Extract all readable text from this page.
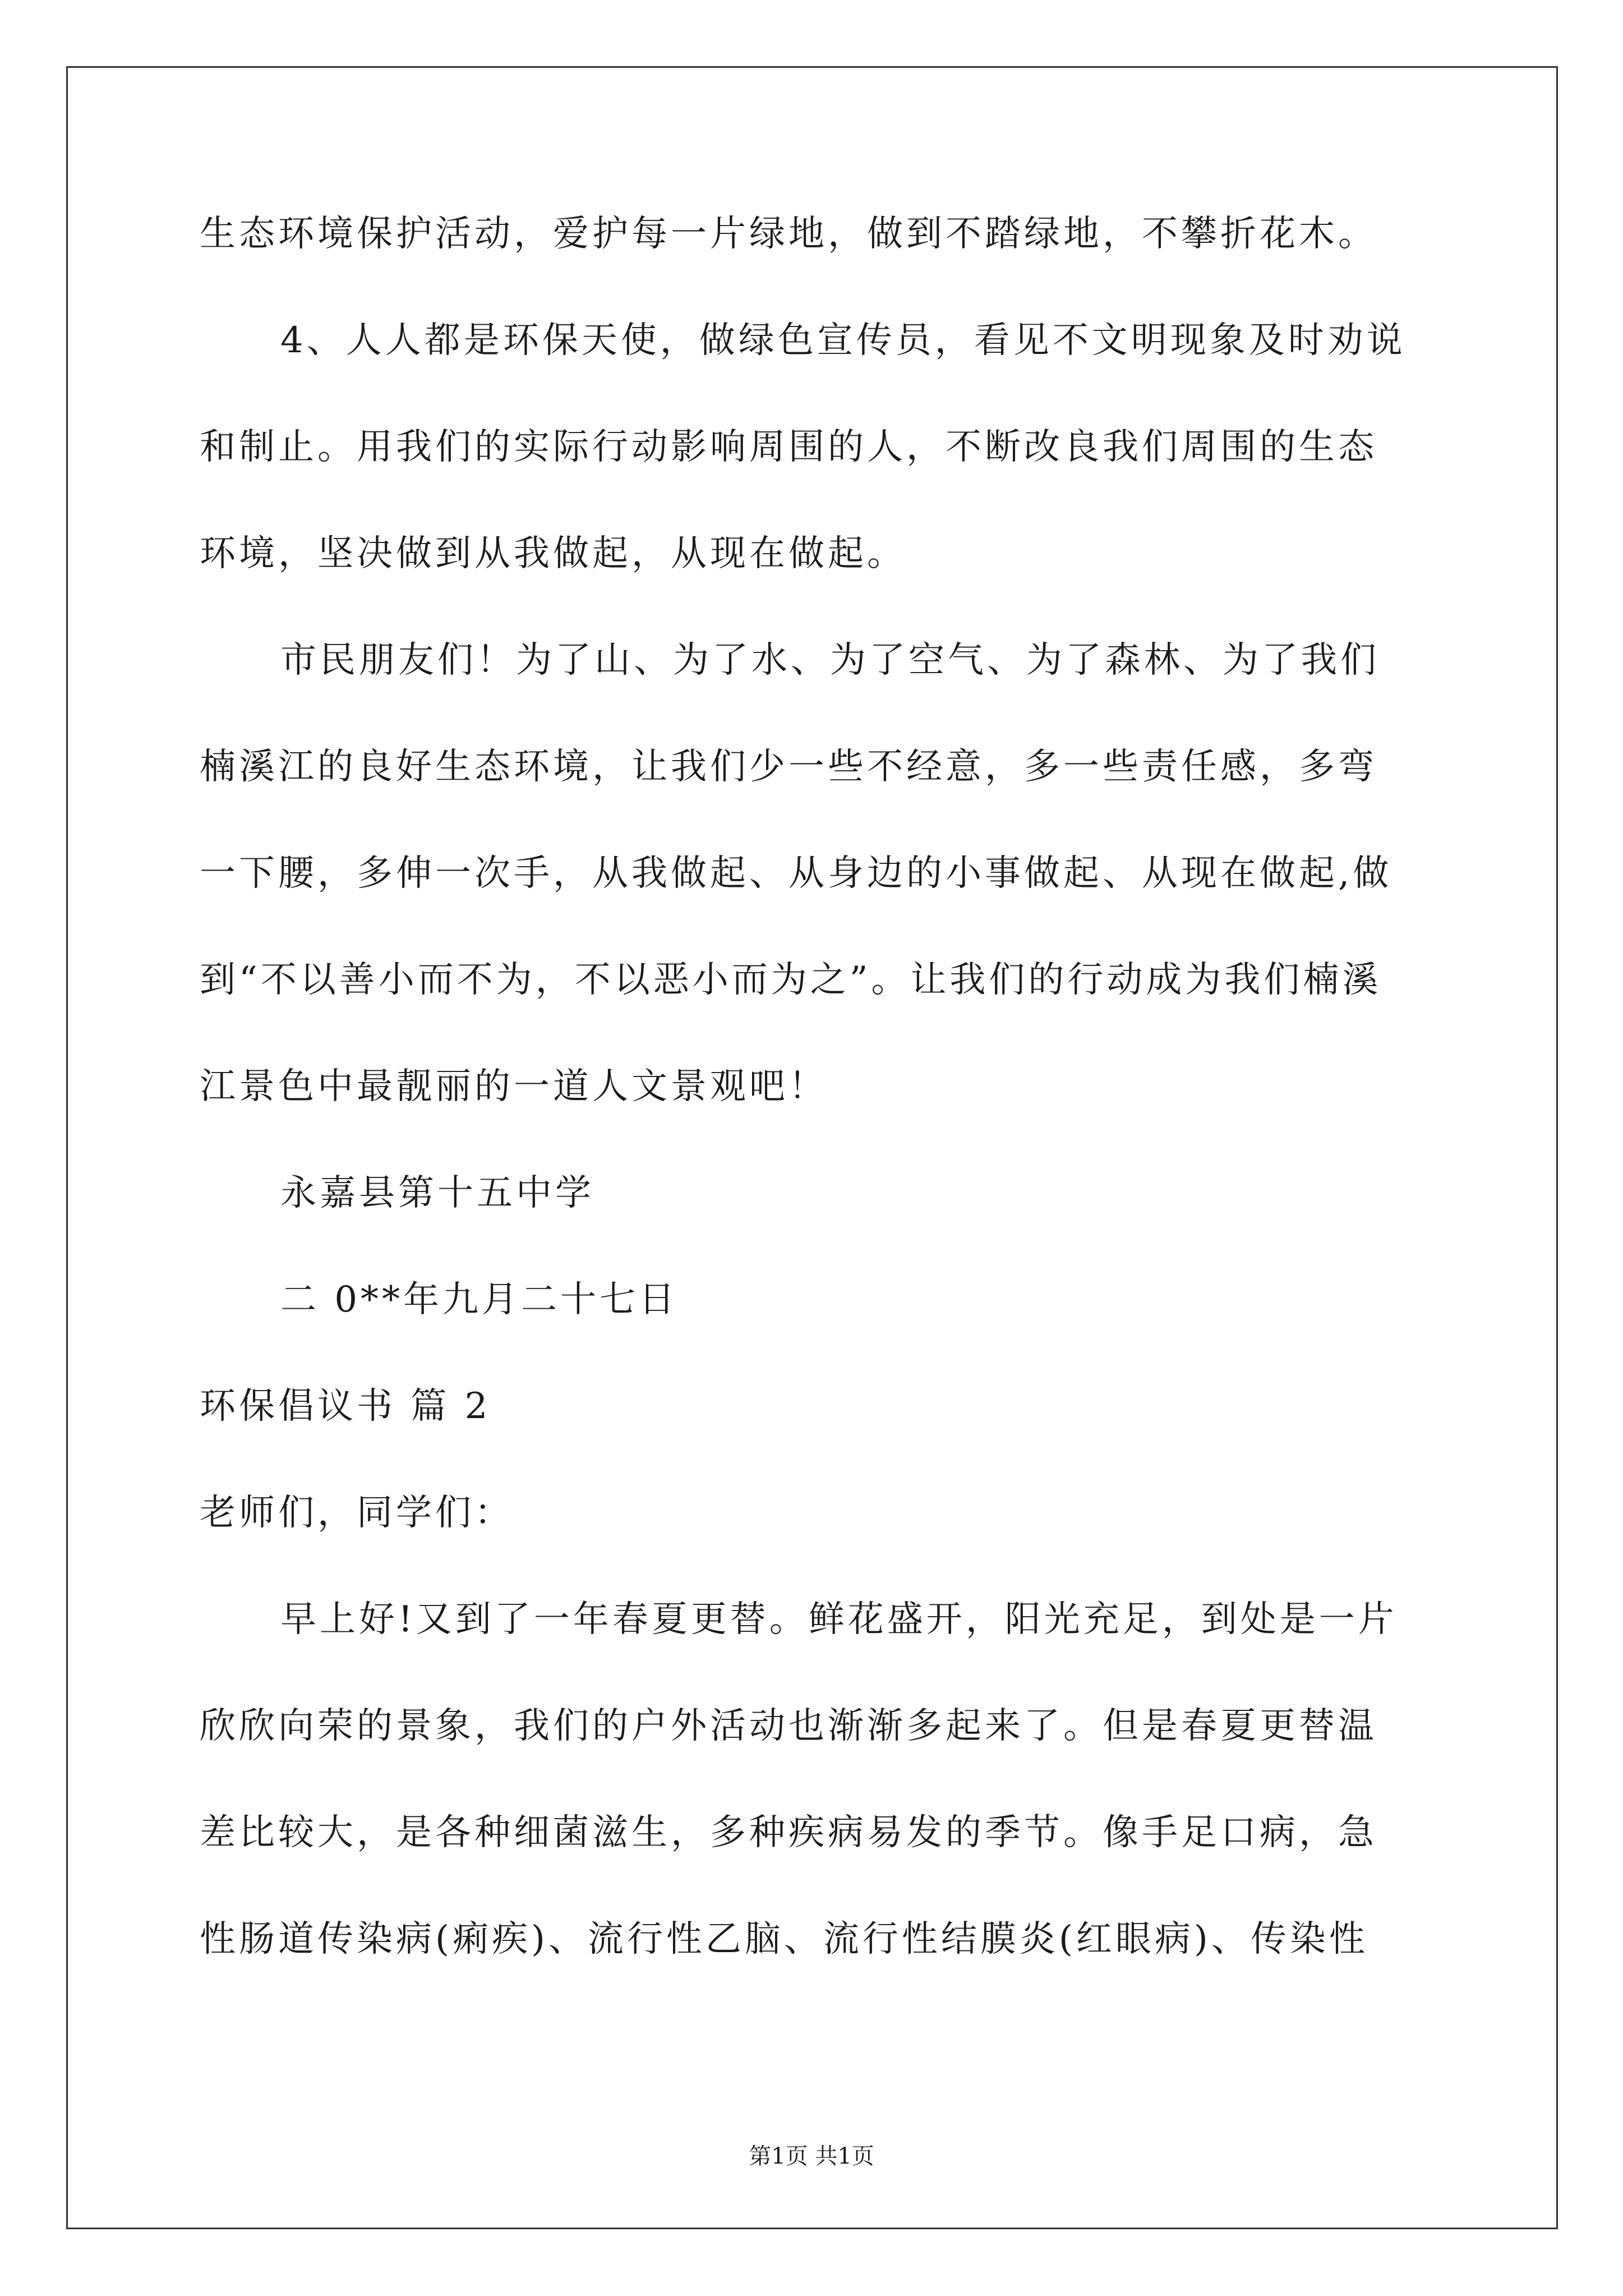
生态环境保护活动，爱护每一片绿地，做到不踏绿地，不攀折花木。
4、人人都是环保天使，做绿色宣传员，看见不文明现象及时劝说
和制止。用我们的实际行动影响周围的人，不断改良我们周围的生态
环境，坚决做到从我做起，从现在做起。
市民朋友们！为了山、为了水、为了空气、为了森林、为了我们
楠溪江的良好生态环境，让我们少一些不经意，多一些责任感，多弯
一下腰，多伸一次手，从我做起、从身边的小事做起、从现在做起,做
到“不以善小而不为，不以恶小而为之”。让我们的行动成为我们楠溪
江景色中最靓丽的一道人文景观吧！
永嘉县第十五中学
二 0**年九月二十七日
环保倡议书 篇 2
老师们，同学们：
早上好!又到了一年春夏更替。鲜花盛开，阳光充足，到处是一片
欣欣向荣的景象，我们的户外活动也渐渐多起来了。但是春夏更替温
差比较大，是各种细菌滋生，多种疾病易发的季节。像手足口病，急
性肠道传染病(痢疾)、流行性乙脑、流行性结膜炎(红眼病)、传染性
第1页 共1页
